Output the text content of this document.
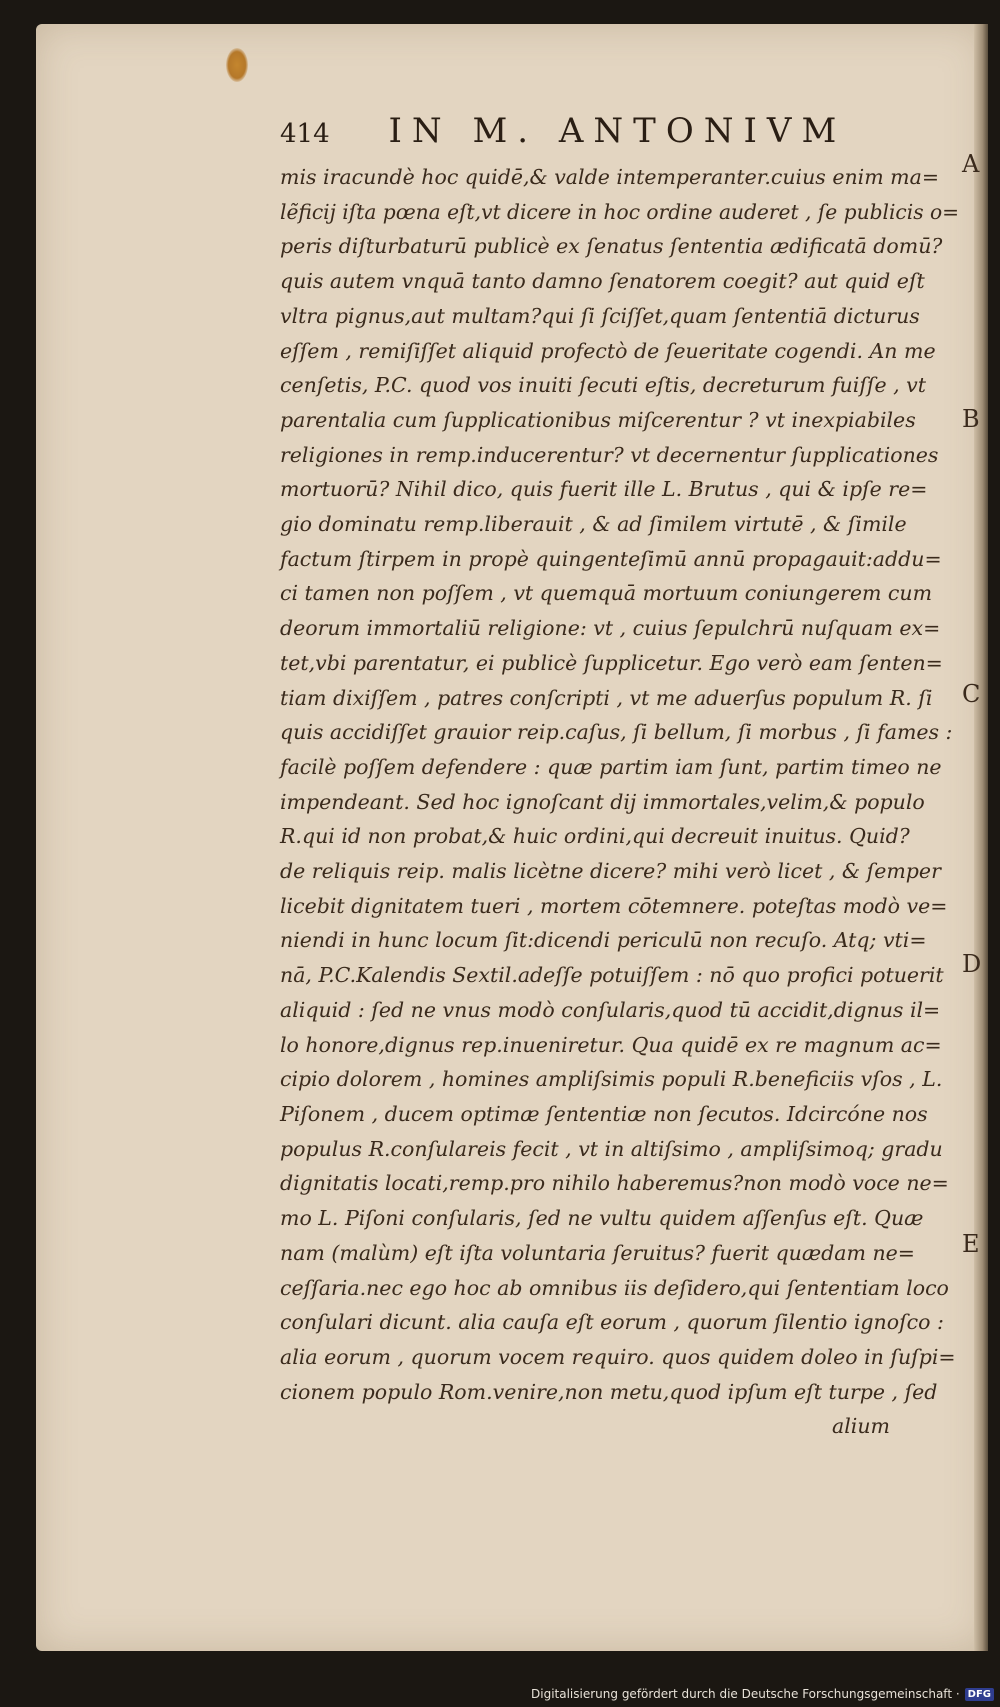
414 IN M. ANTONIVM
mis iracundè hoc quidē,& valde intemperanter.cuius enim ma=
lẽficij iſta pœna eſt,vt dicere in hoc ordine auderet , ſe publicis o=
peris diſturbaturū publicè ex ſenatus ſententia ædificatā domū?
quis autem vnquā tanto damno ſenatorem coegit? aut quid eſt
vltra pignus,aut multam?qui ſi ſciſſet,quam ſententiā dicturus
eſſem , remiſiſſet aliquid profectò de ſeueritate cogendi. An me
cenſetis, P.C. quod vos inuiti ſecuti eſtis, decreturum fuiſſe , vt
parentalia cum ſupplicationibus miſcerentur ? vt inexpiabiles
religiones in remp.inducerentur? vt decernentur ſupplicationes
mortuorū? Nihil dico, quis fuerit ille L. Brutus , qui & ipſe re=
gio dominatu remp.liberauit , & ad ſimilem virtutē , & ſimile
factum ſtirpem in propè quingenteſimū annū propagauit:addu=
ci tamen non poſſem , vt quemquā mortuum coniungerem cum
deorum immortaliū religione: vt , cuius ſepulchrū nuſquam ex=
tet,vbi parentatur, ei publicè ſupplicetur. Ego verò eam ſenten=
tiam dixiſſem , patres conſcripti , vt me aduerſus populum R. ſi
quis accidiſſet grauior reip.caſus, ſi bellum, ſi morbus , ſi fames :
facilè poſſem defendere : quæ partim iam ſunt, partim timeo ne
impendeant. Sed hoc ignoſcant dij immortales,velim,& populo
R.qui id non probat,& huic ordini,qui decreuit inuitus. Quid?
de reliquis reip. malis licètne dicere? mihi verò licet , & ſemper
licebit dignitatem tueri , mortem cōtemnere. poteſtas modò ve=
niendi in hunc locum ſit:dicendi periculū non recuſo. Atq; vti=
nā, P.C.Kalendis Sextil.adeſſe potuiſſem : nō quo profici potuerit
aliquid : ſed ne vnus modò conſularis,quod tū accidit,dignus il=
lo honore,dignus rep.inueniretur. Qua quidē ex re magnum ac=
cipio dolorem , homines ampliſsimis populi R.beneficiis vſos , L.
Piſonem , ducem optimæ ſententiæ non ſecutos. Idcircóne nos
populus R.conſulareis fecit , vt in altiſsimo , ampliſsimoq; gradu
dignitatis locati,remp.pro nihilo haberemus?non modò voce ne=
mo L. Piſoni conſularis, ſed ne vultu quidem aſſenſus eſt. Quæ
nam (malùm) eſt iſta voluntaria ſeruitus? fuerit quædam ne=
ceſſaria.nec ego hoc ab omnibus iis deſidero,qui ſententiam loco
conſulari dicunt. alia cauſa eſt eorum , quorum ſilentio ignoſco :
alia eorum , quorum vocem requiro. quos quidem doleo in ſuſpi=
cionem populo Rom.venire,non metu,quod ipſum eſt turpe , ſed
alium
A
B
C
D
E
Digitalisierung gefördert durch die Deutsche Forschungsgemeinschaft · DFG
